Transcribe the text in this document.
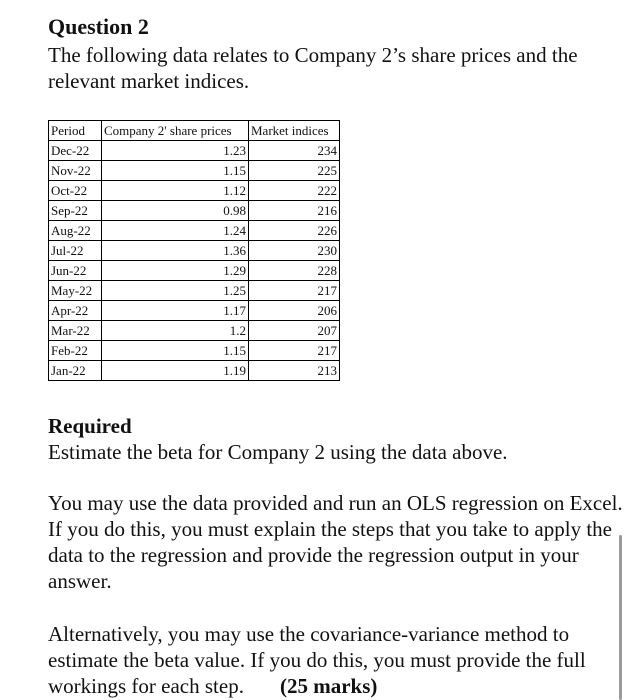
Question 2
The following data relates to Company 2’s share prices and the relevant market indices.
Period	Company 2' share prices	Market indices
Dec-22	1.23	234
Nov-22	1.15	225
Oct-22	1.12	222
Sep-22	0.98	216
Aug-22	1.24	226
Jul-22	1.36	230
Jun-22	1.29	228
May-22	1.25	217
Apr-22	1.17	206
Mar-22	1.2	207
Feb-22	1.15	217
Jan-22	1.19	213
Required
Estimate the beta for Company 2 using the data above.
You may use the data provided and run an OLS regression on Excel. If you do this, you must explain the steps that you take to apply the data to the regression and provide the regression output in your answer.
Alternatively, you may use the covariance-variance method to estimate the beta value. If you do this, you must provide the full workings for each step. (25 marks)
